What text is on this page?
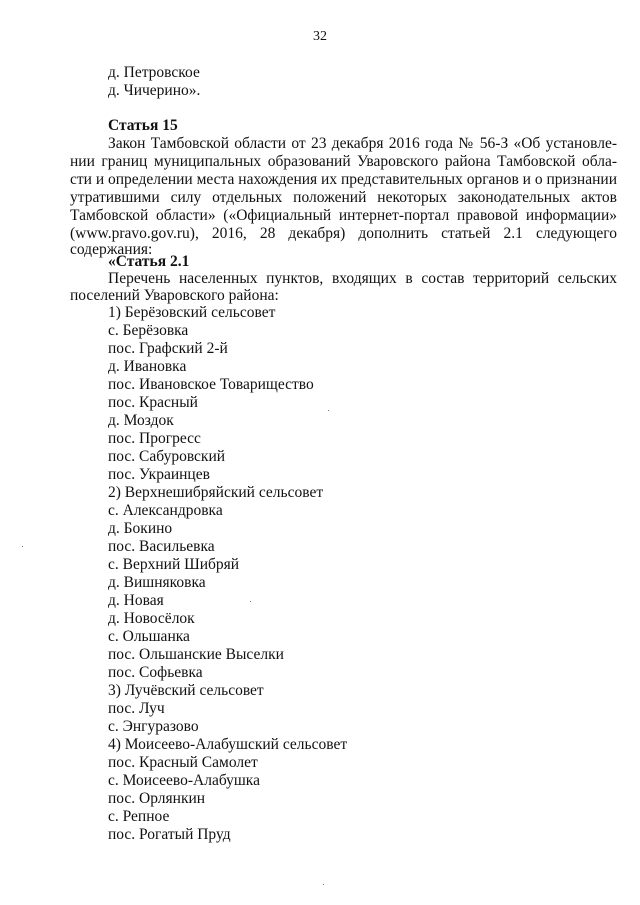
32
д. Петровское
д. Чичерино».
Статья 15
Закон Тамбовской области от 23 декабря 2016 года № 56-З «Об установле-
нии границ муниципальных образований Уваровского района Тамбовской обла-
сти и определении места нахождения их представительных органов и о признании
утратившими силу отдельных положений некоторых законодательных актов
Тамбовской области» («Официальный интернет-портал правовой информации»
(www.pravo.gov.ru), 2016, 28 декабря) дополнить статьей 2.1 следующего
содержания:
«Статья 2.1
Перечень населенных пунктов, входящих в состав территорий сельских
поселений Уваровского района:
1) Берёзовский сельсовет
с. Берёзовка
пос. Графский 2-й
д. Ивановка
пос. Ивановское Товарищество
пос. Красный
д. Моздок
пос. Прогресс
пос. Сабуровский
пос. Украинцев
2) Верхнешибряйский сельсовет
с. Александровка
д. Бокино
пос. Васильевка
с. Верхний Шибряй
д. Вишняковка
д. Новая
д. Новосёлок
с. Ольшанка
пос. Ольшанские Выселки
пос. Софьевка
3) Лучёвский сельсовет
пос. Луч
с. Энгуразово
4) Моисеево-Алабушский сельсовет
пос. Красный Самолет
с. Моисеево-Алабушка
пос. Орлянкин
с. Репное
пос. Рогатый Пруд
